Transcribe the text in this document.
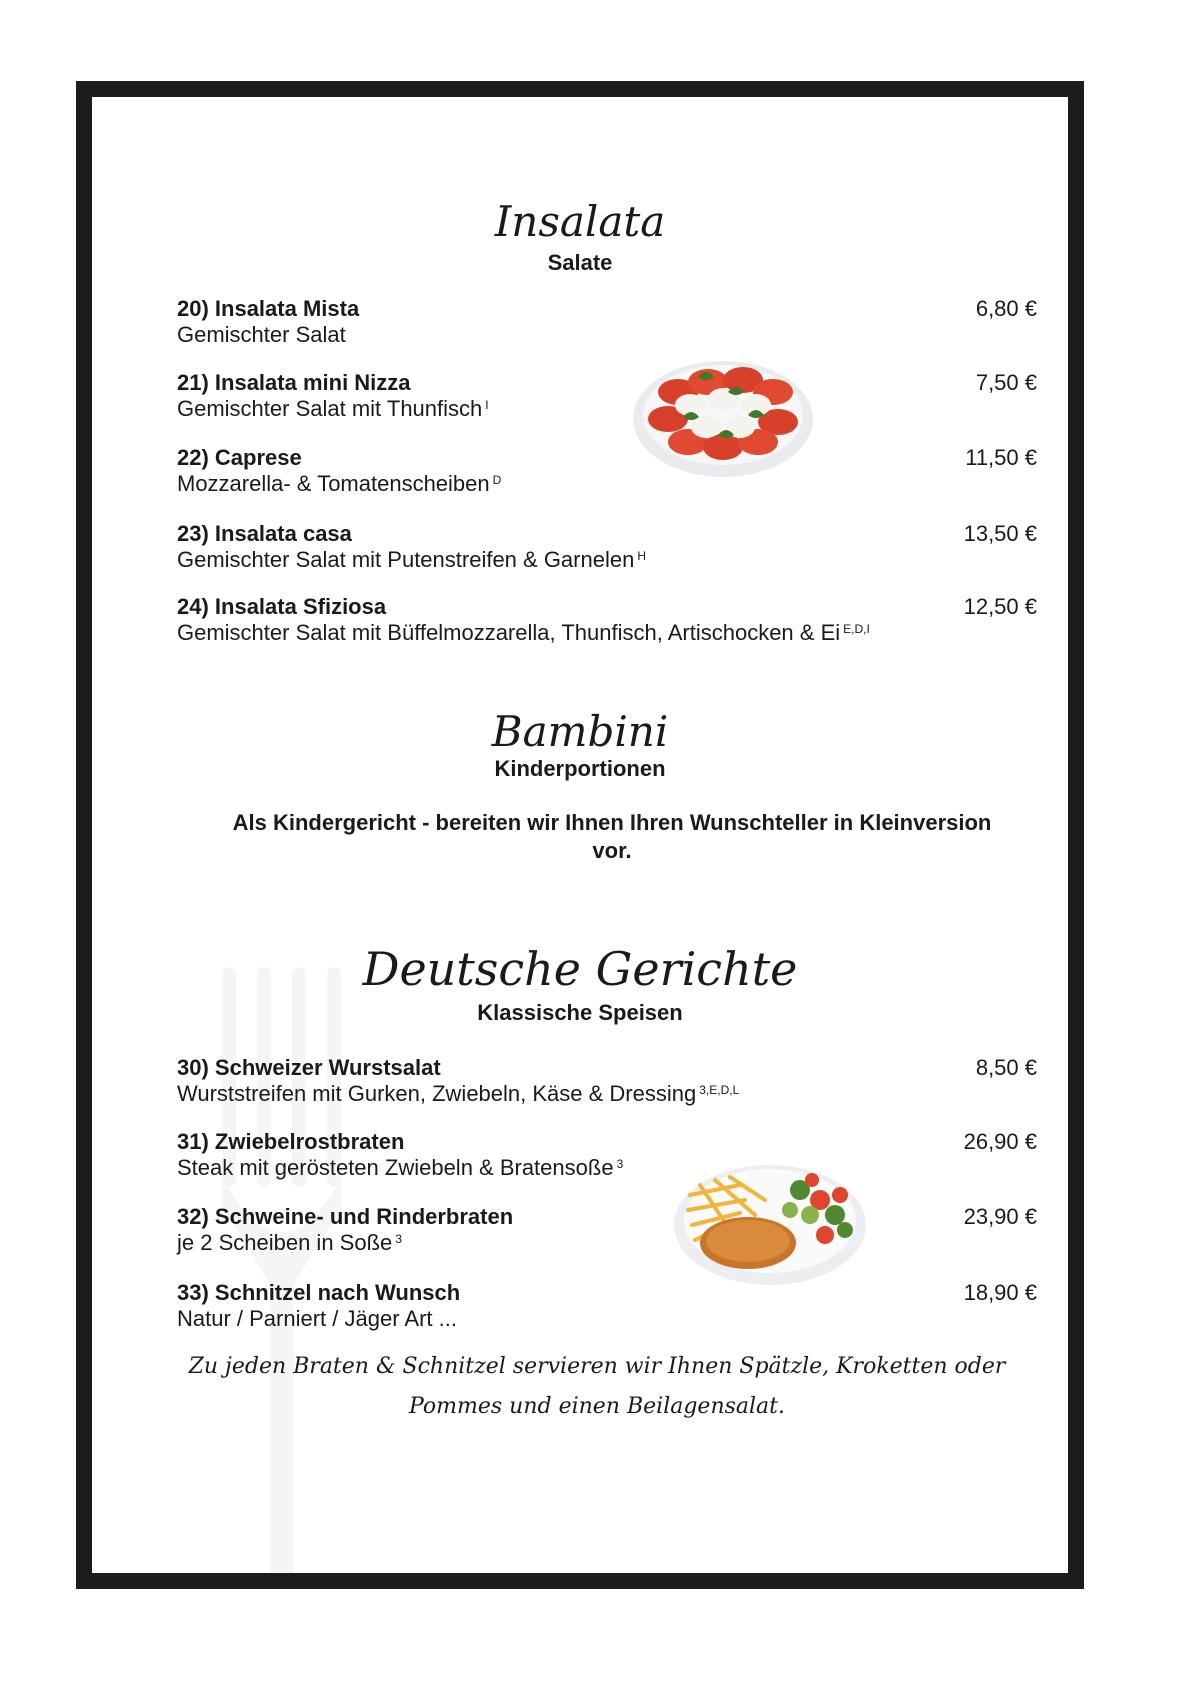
Insalata
Salate
20) Insalata Mista
Gemischter Salat
6,80 €
21) Insalata mini Nizza
Gemischter Salat mit Thunfisch $^I$
7,50 €
22) Caprese
Mozzarella- & Tomatenscheiben $^D$
11,50 €
23) Insalata casa
Gemischter Salat mit Putenstreifen & Garnelen $^H$
13,50 €
24) Insalata Sfiziosa
Gemischter Salat mit Büffelmozzarella, Thunfisch, Artischocken & Ei $^{E,D,I}$
12,50 €
Bambini
Kinderportionen
Als Kindergericht - bereiten wir Ihnen Ihren Wunschteller in Kleinversion vor.
Deutsche Gerichte
Klassische Speisen
30) Schweizer Wurstsalat
Wurststreifen mit Gurken, Zwiebeln, Käse & Dressing $^{3,E,D,L}$
8,50 €
31) Zwiebelrostbraten
Steak mit gerösteten Zwiebeln & Bratensoße $^3$
26,90 €
32) Schweine- und Rinderbraten
je 2 Scheiben in Soße $^3$
23,90 €
33) Schnitzel nach Wunsch
Natur / Parniert / Jäger Art ...
18,90 €
Zu jeden Braten & Schnitzel servieren wir Ihnen Spätzle, Kroketten oder Pommes und einen Beilagensalat.
